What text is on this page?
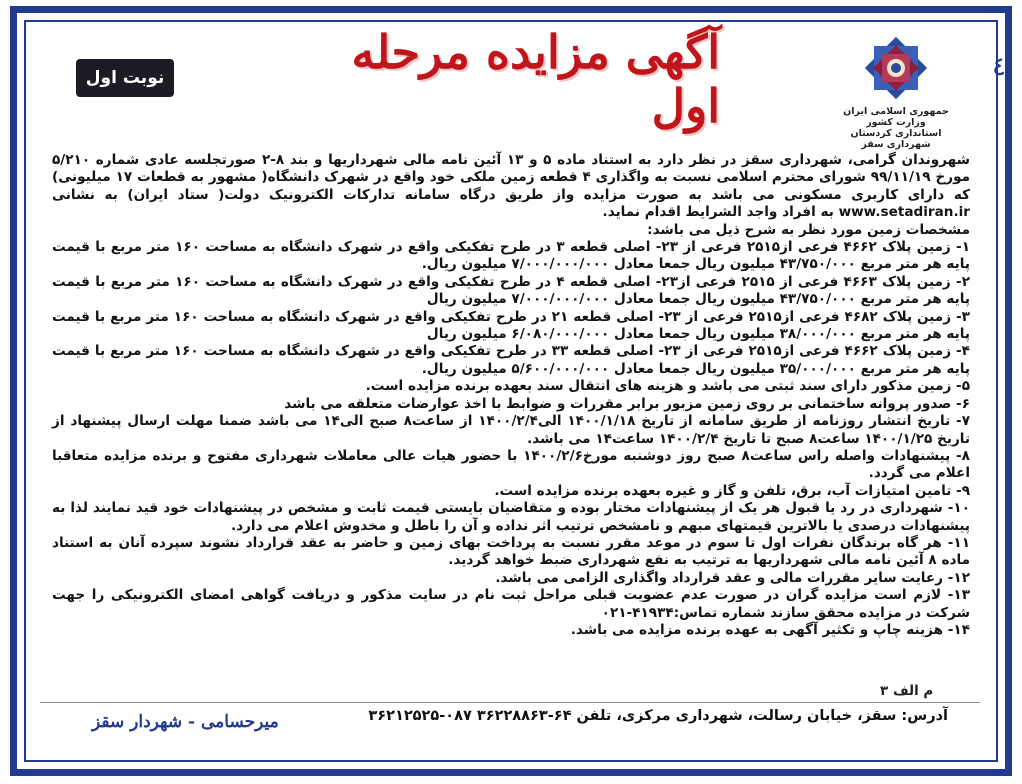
٤
نوبت اول	آگهی مزایده مرحله اول	جمهوری اسلامی ایران
وزارت کشور
استانداری کردستان
شهرداری سقز

شهروندان گرامی، شهرداری سقز در نظر دارد به استناد ماده ۵ و ۱۳ آئین نامه مالی شهرداریها و بند ۸-۲ صورتجلسه عادی شماره ۵/۲۱۰ مورخ ۹۹/۱۱/۱۹ شورای محترم اسلامی نسبت به واگذاری ۴ قطعه زمین ملکی خود واقع در شهرک دانشگاه( مشهور به قطعات ۱۷ میلیونی) که دارای کاربری مسکونی می باشد به صورت مزایده واز طریق درگاه سامانه تدارکات الکترونیک دولت( ستاد ایران) به نشانی www.setadiran.ir به افراد واجد الشرایط اقدام نماید.

مشخصات زمین مورد نظر به شرح ذیل می باشد:

۱- زمین پلاک ۴۶۶۲ فرعی از۲۵۱۵ فرعی از ۲۳- اصلی قطعه ۳ در طرح تفکیکی واقع در شهرک دانشگاه به مساحت ۱۶۰ متر مربع با قیمت پایه هر متر مربع ۴۳/۷۵۰/۰۰۰ میلیون ریال جمعا معادل ۷/۰۰۰/۰۰۰/۰۰۰ میلیون ریال.

۲- زمین پلاک ۴۶۶۳ فرعی از ۲۵۱۵ فرعی از۲۳- اصلی قطعه ۴ در طرح تفکیکی واقع در شهرک دانشگاه به مساحت ۱۶۰ متر مربع با قیمت پایه هر متر مربع ۴۳/۷۵۰/۰۰۰ میلیون ریال جمعا معادل ۷/۰۰۰/۰۰۰/۰۰۰ میلیون ریال

۳- زمین پلاک ۴۶۸۲ فرعی از۲۵۱۵ فرعی از ۲۳- اصلی قطعه ۲۱ در طرح تفکیکی واقع در شهرک دانشگاه به مساحت ۱۶۰ متر مربع با قیمت پایه هر متر مربع ۳۸/۰۰۰/۰۰۰ میلیون ریال جمعا معادل ۶/۰۸۰/۰۰۰/۰۰۰ میلیون ریال

۴- زمین پلاک ۴۶۶۲ فرعی از۲۵۱۵ فرعی از ۲۳- اصلی قطعه ۳۳ در طرح تفکیکی واقع در شهرک دانشگاه به مساحت ۱۶۰ متر مربع با قیمت پایه هر متر مربع ۳۵/۰۰۰/۰۰۰ میلیون ریال جمعا معادل ۵/۶۰۰/۰۰۰/۰۰۰ میلیون ریال.

۵- زمین مذکور دارای سند ثبتی می باشد و هزینه های انتقال سند بعهده برنده مزایده است.

۶- صدور پروانه ساختمانی بر روی زمین مزبور برابر مقررات و ضوابط با اخذ عوارضات متعلقه می باشد

۷- تاریخ انتشار روزنامه از طریق سامانه از تاریخ ۱۴۰۰/۱/۱۸ الی۱۴۰۰/۲/۴ از ساعت۸ صبح الی۱۴ می باشد ضمنا مهلت ارسال پیشنهاد از تاریخ ۱۴۰۰/۱/۲۵ ساعت۸ صبح تا تاریخ ۱۴۰۰/۲/۴ ساعت۱۴ می باشد.

۸- پیشنهادات واصله راس ساعت۸ صبح روز دوشنبه مورخ۱۴۰۰/۲/۶ با حضور هیات عالی معاملات شهرداری مفتوح و برنده مزایده متعاقبا اعلام می گردد.

۹- تامین امتیازات آب، برق، تلفن و گاز و غیره بعهده برنده مزایده است.

۱۰- شهرداری در رد یا قبول هر یک از پیشنهادات مختار بوده و متقاضیان بایستی قیمت ثابت و مشخص در پیشنهادات خود قید نمایند لذا به پیشنهادات درصدی یا بالاترین قیمتهای مبهم و نامشخص ترتیب اثر نداده و آن را باطل و مخدوش اعلام می دارد.

۱۱- هر گاه برندگان نفرات اول تا سوم در موعد مقرر نسبت به پرداخت بهای زمین و حاضر به عقد قرارداد نشوند سپرده آنان به استناد ماده ۸ آئین نامه مالی شهرداریها به ترتیب به نفع شهرداری ضبط خواهد گردید.

۱۲- رعایت سایر مقررات مالی و عقد قرارداد واگذاری الزامی می باشد.

۱۳- لازم است مزایده گران در صورت عدم عضویت قبلی مراحل ثبت نام در سایت مذکور و دریافت گواهی امضای الکترونیکی را جهت شرکت در مزایده محقق سازند شماره تماس:۴۱۹۳۴-۰۲۱

۱۴- هزینه چاپ و تکثیر آگهی به عهده برنده مزایده می باشد.

م الف ۳
آدرس: سقز، خیابان رسالت، شهرداری مرکزی، تلفن ۶۴-۳۶۲۲۸۸۶۳ ۰۸۷-۳۶۲۱۲۵۲۵
میرحسامی - شهردار سقز
